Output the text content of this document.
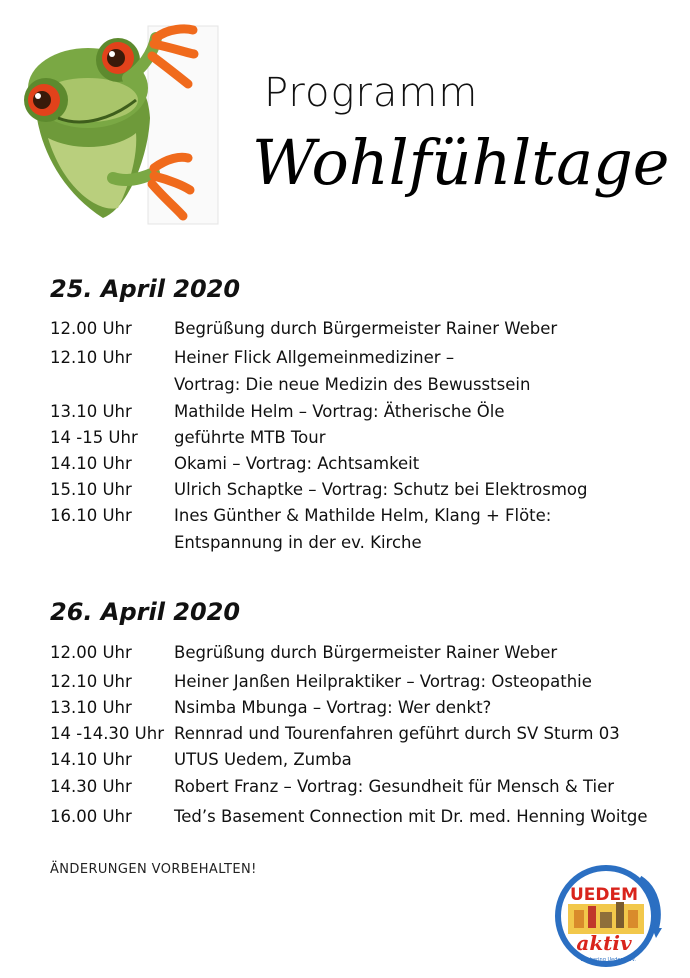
Programm
Wohlfühltage
25. April 2020
12.00 Uhr	Begrüßung durch Bürgermeister Rainer Weber
12.10 Uhr	Heiner Flick Allgemeinmediziner –
Vortrag: Die neue Medizin des Bewusstsein
13.10 Uhr	Mathilde Helm – Vortrag: Ätherische Öle
14 -15 Uhr geführte MTB Tour
14.10 Uhr	Okami – Vortrag: Achtsamkeit
15.10 Uhr	Ulrich Schaptke – Vortrag: Schutz bei Elektrosmog
16.10 Uhr	Ines Günther & Mathilde Helm, Klang + Flöte:
Entspannung in der ev. Kirche
26. April 2020
12.00 Uhr	Begrüßung durch Bürgermeister Rainer Weber
12.10 Uhr	Heiner Janßen Heilpraktiker – Vortrag: Osteopathie
13.10 Uhr	Nsimba Mbunga – Vortrag: Wer denkt?
14 -14.30 Uhr Rennrad und Tourenfahren geführt durch SV Sturm 03
14.10 Uhr	UTUS Uedem, Zumba
14.30 Uhr	Robert Franz – Vortrag: Gesundheit für Mensch & Tier
16.00 Uhr	Ted’s Basement Connection mit Dr. med. Henning Woitge
ÄNDERUNGEN VORBEHALTEN!
UEDEM
aktiv
Werbering Uedem e.V.
